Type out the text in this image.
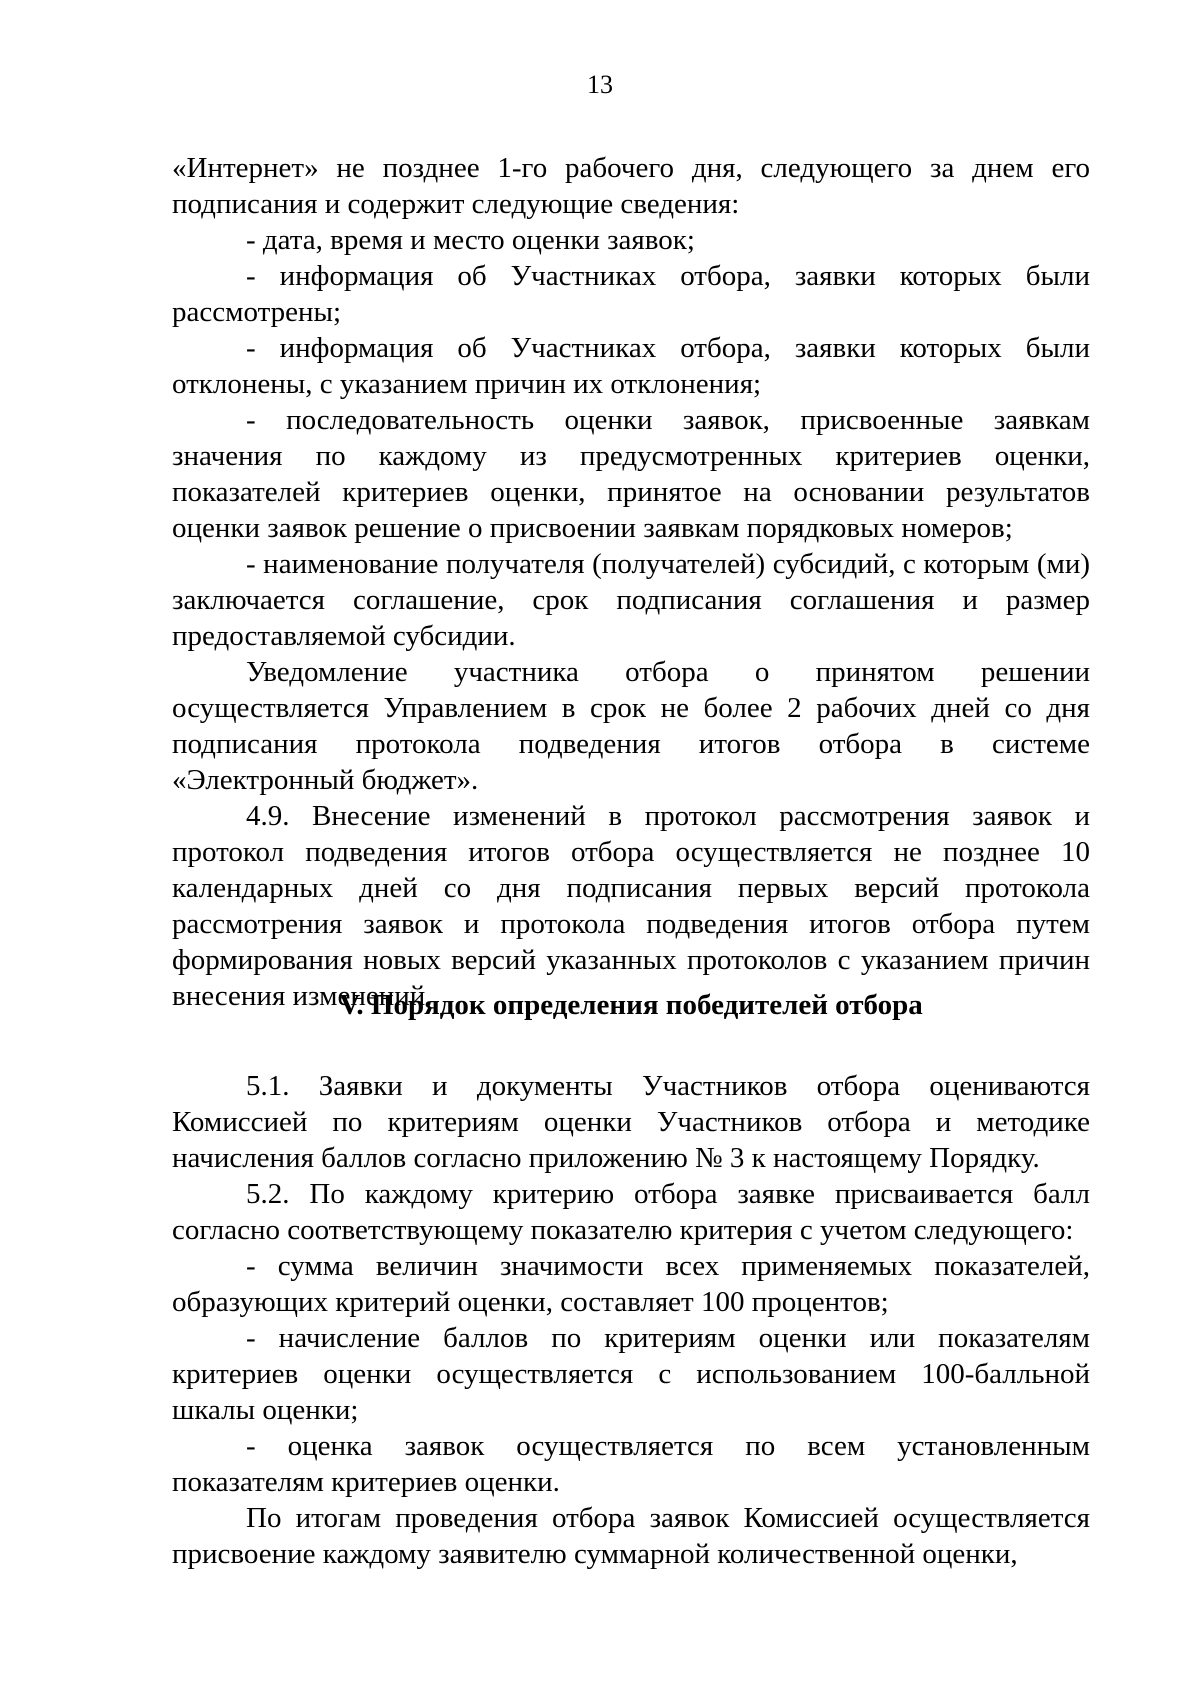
13

«Интернет» не позднее 1-го рабочего дня, следующего за днем его подписания и содержит следующие сведения:

- дата, время и место оценки заявок;

- информация об Участниках отбора, заявки которых были рассмотрены;

- информация об Участниках отбора, заявки которых были отклонены, с указанием причин их отклонения;

- последовательность оценки заявок, присвоенные заявкам значения по каждому из предусмотренных критериев оценки, показателей критериев оценки, принятое на основании результатов оценки заявок решение о присвоении заявкам порядковых номеров;

- наименование получателя (получателей) субсидий, с которым (ми) заключается соглашение, срок подписания соглашения и размер предоставляемой субсидии.

Уведомление участника отбора о принятом решении осуществляется Управлением в срок не более 2 рабочих дней со дня подписания протокола подведения итогов отбора в системе «Электронный бюджет».

4.9. Внесение изменений в протокол рассмотрения заявок и протокол подведения итогов отбора осуществляется не позднее 10 календарных дней со дня подписания первых версий протокола рассмотрения заявок и протокола подведения итогов отбора путем формирования новых версий указанных протоколов с указанием причин внесения изменений.

V. Порядок определения победителей отбора

5.1. Заявки и документы Участников отбора оцениваются Комиссией по критериям оценки Участников отбора и методике начисления баллов согласно приложению № 3 к настоящему Порядку.

5.2. По каждому критерию отбора заявке присваивается балл согласно соответствующему показателю критерия с учетом следующего:

- сумма величин значимости всех применяемых показателей, образующих критерий оценки, составляет 100 процентов;

- начисление баллов по критериям оценки или показателям критериев оценки осуществляется с использованием 100-балльной шкалы оценки;

- оценка заявок осуществляется по всем установленным показателям критериев оценки.

По итогам проведения отбора заявок Комиссией осуществляется присвоение каждому заявителю суммарной количественной оценки,
